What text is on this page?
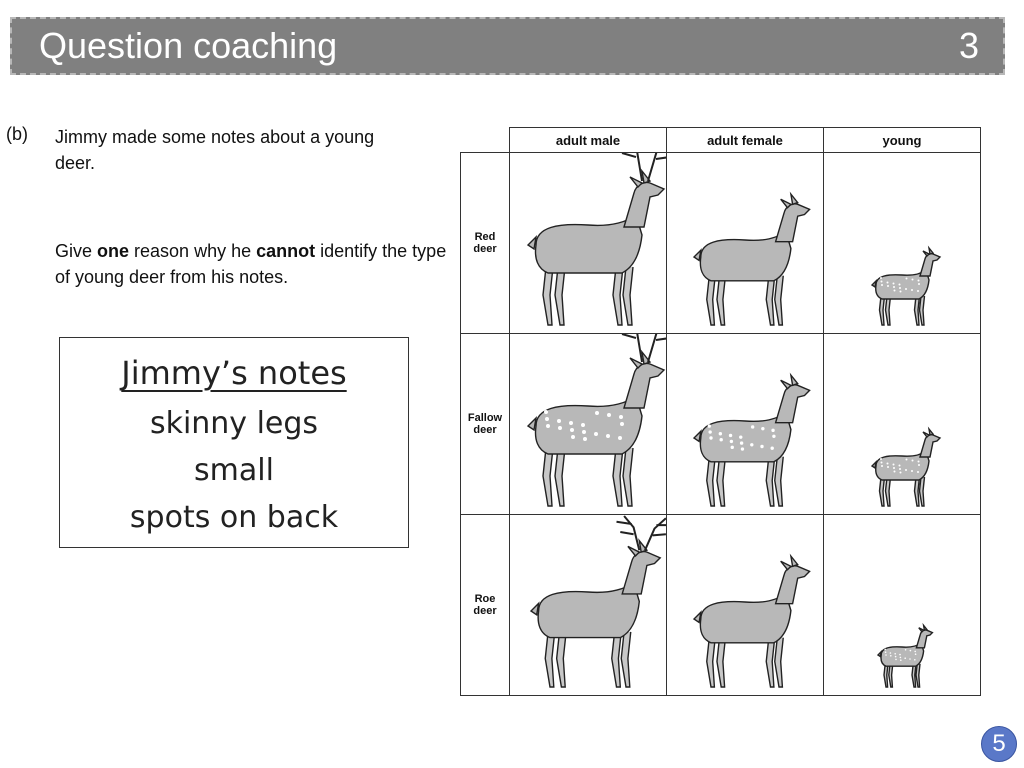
Question coaching	3
(b) Jimmy made some notes about a young deer.
Give one reason why he cannot identify the type of young deer from his notes.
Jimmy’s notes
skinny legs
small
spots on back
	adult male	adult female	young
Red
deer	

Fallow
deer	

Roe
deer	

5
